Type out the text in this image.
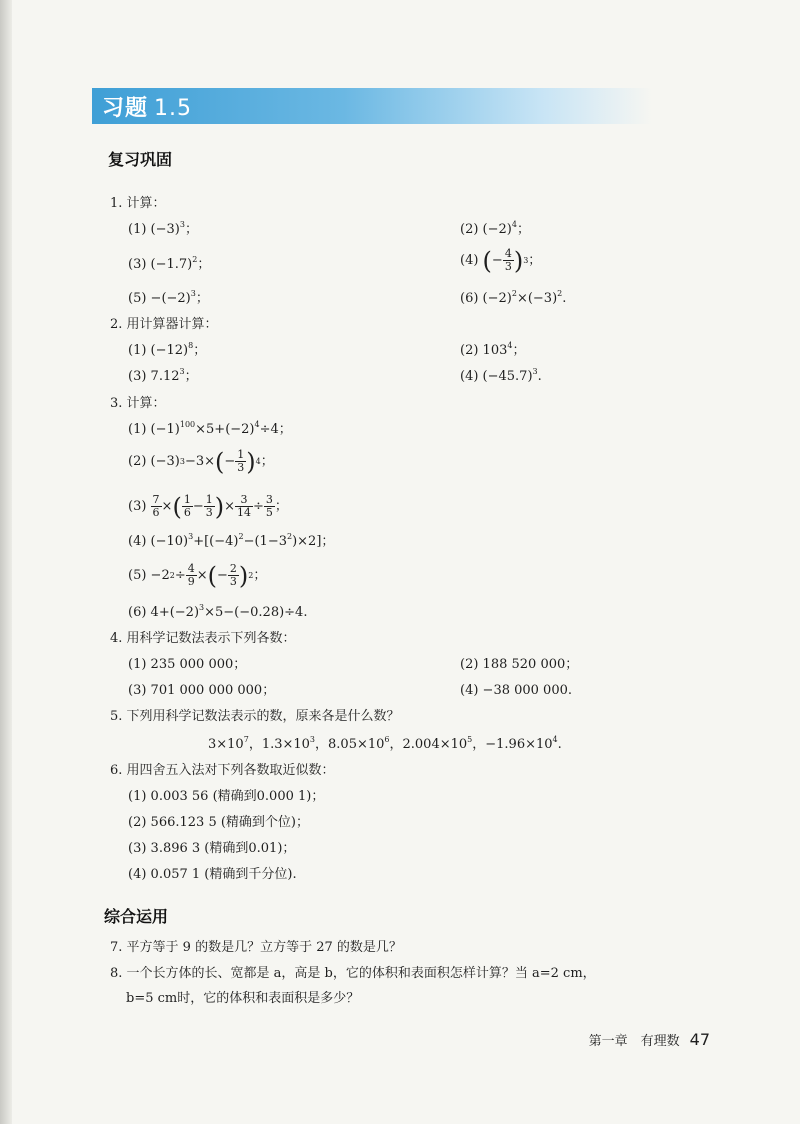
习题 1.5
复习巩固
1. 计算：
(1) $(-3)^3$；	(2) $(-2)^4$；
(3) $(-1.7)^2$；	(4) ( − $\frac{4}{3}$ ) 3 ；
$(5) -(-2)^3$；	(6) $(-2)^2\times(-3)^2$.
2. 用计算器计算：
(1) $(-12)^8$；	(2) $103^4$；
(3) 7.12$^3$；	(4) $(-45.7)^3$.
3. 计算：
(1) $(-1)^{100}\times 5+(-2)^4\div 4$；
(2) (−3) 3 −3× ( − $\frac{1}{3}$ ) 4 ；
$(3) \frac{7}{6}$ × ( $\frac{1}{6} - \frac{1}{3}$ ) × $\frac{3}{14} \div \frac{3}{5}$ ；
(4) $(-10)^3+[(-4)^2-(1-3^2)\times 2]$；
(5) −2 $2 \div \frac{4}{9}$ × ( − $\frac{2}{3}$ ) 2 ；
(6) $4+(-2)^3\times 5-(-0.28)\div 4$.
4. 用科学记数法表示下列各数：
(1) 235 000 000；	(2) 188 520 000；
(3) 701 000 000 000；	(4) −38 000 000.
5. 下列用科学记数法表示的数，原来各是什么数？
$3\times 10^7$，$1.3\times 10^3$，$8.05\times 10^6$，$2.004\times 10^5$，$-1.96\times 10^4$.
6. 用四舍五入法对下列各数取近似数：
(1) 0.003 56 (精确到0.000 1)；
(2) 566.123 5 (精确到个位)；
(3) 3.896 3 (精确到0.01)；
(4) 0.057 1 (精确到千分位).
综合运用
7. 平方等于 9 的数是几？立方等于 27 的数是几？
8. 一个长方体的长、宽都是 a，高是 b，它的体积和表面积怎样计算？当 a=2 cm，
b=5 cm时，它的体积和表面积是多少？
第一章　有理数 47
